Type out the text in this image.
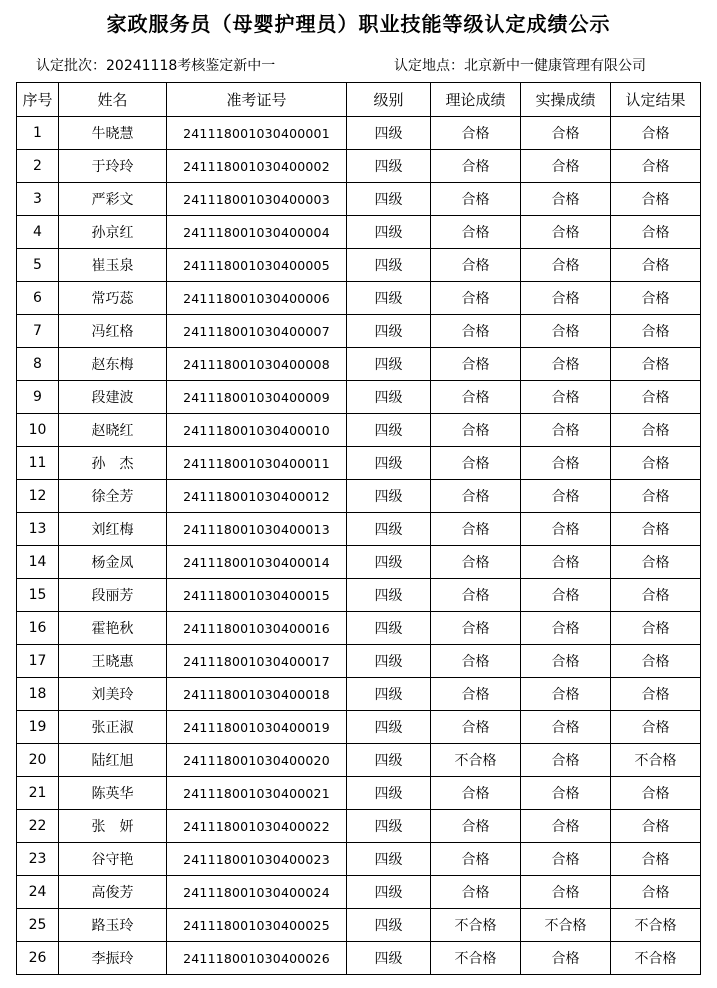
家政服务员（母婴护理员）职业技能等级认定成绩公示
认定批次：20241118考核鉴定新中一	认定地点：北京新中一健康管理有限公司
序号	姓名	准考证号	级别	理论成绩	实操成绩	认定结果
1	牛晓慧	241118001030400001	四级	合格	合格	合格
2	于玲玲	241118001030400002	四级	合格	合格	合格
3	严彩文	241118001030400003	四级	合格	合格	合格
4	孙京红	241118001030400004	四级	合格	合格	合格
5	崔玉泉	241118001030400005	四级	合格	合格	合格
6	常巧蕊	241118001030400006	四级	合格	合格	合格
7	冯红格	241118001030400007	四级	合格	合格	合格
8	赵东梅	241118001030400008	四级	合格	合格	合格
9	段建波	241118001030400009	四级	合格	合格	合格
10	赵晓红	241118001030400010	四级	合格	合格	合格
11	孙　杰	241118001030400011	四级	合格	合格	合格
12	徐全芳	241118001030400012	四级	合格	合格	合格
13	刘红梅	241118001030400013	四级	合格	合格	合格
14	杨金凤	241118001030400014	四级	合格	合格	合格
15	段丽芳	241118001030400015	四级	合格	合格	合格
16	霍艳秋	241118001030400016	四级	合格	合格	合格
17	王晓惠	241118001030400017	四级	合格	合格	合格
18	刘美玲	241118001030400018	四级	合格	合格	合格
19	张正淑	241118001030400019	四级	合格	合格	合格
20	陆红旭	241118001030400020	四级	不合格	合格	不合格
21	陈英华	241118001030400021	四级	合格	合格	合格
22	张　妍	241118001030400022	四级	合格	合格	合格
23	谷守艳	241118001030400023	四级	合格	合格	合格
24	高俊芳	241118001030400024	四级	合格	合格	合格
25	路玉玲	241118001030400025	四级	不合格	不合格	不合格
26	李振玲	241118001030400026	四级	不合格	合格	不合格
